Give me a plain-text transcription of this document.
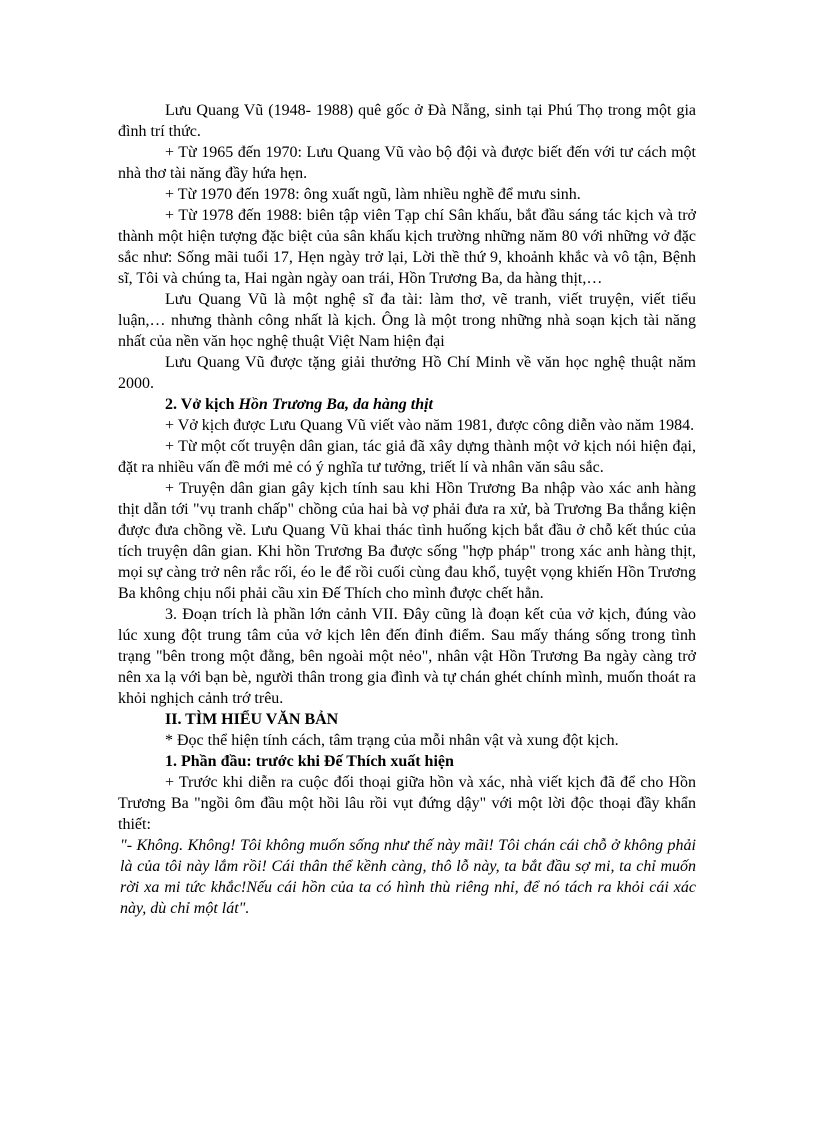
Lưu Quang Vũ (1948- 1988) quê gốc ở Đà Nẵng, sinh tại Phú Thọ trong một gia đình trí thức.

+ Từ 1965 đến 1970: Lưu Quang Vũ vào bộ đội và được biết đến với tư cách một nhà thơ tài năng đầy hứa hẹn.

+ Từ 1970 đến 1978: ông xuất ngũ, làm nhiều nghề để mưu sinh.

+ Từ 1978 đến 1988: biên tập viên Tạp chí Sân khấu, bắt đầu sáng tác kịch và trở thành một hiện tượng đặc biệt của sân khấu kịch trường những năm 80 với những vở đặc sắc như: Sống mãi tuổi 17, Hẹn ngày trở lại, Lời thề thứ 9, khoảnh khắc và vô tận, Bệnh sĩ, Tôi và chúng ta, Hai ngàn ngày oan trái, Hồn Trương Ba, da hàng thịt,…

Lưu Quang Vũ là một nghệ sĩ đa tài: làm thơ, vẽ tranh, viết truyện, viết tiểu luận,… nhưng thành công nhất là kịch. Ông là một trong những nhà soạn kịch tài năng nhất của nền văn học nghệ thuật Việt Nam hiện đại

Lưu Quang Vũ được tặng giải thưởng Hồ Chí Minh về văn học nghệ thuật năm 2000.

2. Vở kịch Hồn Trương Ba, da hàng thịt

+ Vở kịch được Lưu Quang Vũ viết vào năm 1981, được công diễn vào năm 1984.

+ Từ một cốt truyện dân gian, tác giả đã xây dựng thành một vở kịch nói hiện đại, đặt ra nhiều vấn đề mới mẻ có ý nghĩa tư tưởng, triết lí và nhân văn sâu sắc.

+ Truyện dân gian gây kịch tính sau khi Hồn Trương Ba nhập vào xác anh hàng thịt dẫn tới "vụ tranh chấp" chồng của hai bà vợ phải đưa ra xử, bà Trương Ba thắng kiện được đưa chồng về. Lưu Quang Vũ khai thác tình huống kịch bắt đầu ở chỗ kết thúc của tích truyện dân gian. Khi hồn Trương Ba được sống "hợp pháp" trong xác anh hàng thịt, mọi sự càng trở nên rắc rối, éo le để rồi cuối cùng đau khổ, tuyệt vọng khiến Hồn Trương Ba không chịu nổi phải cầu xin Đế Thích cho mình được chết hẳn.

3. Đoạn trích là phần lớn cảnh VII. Đây cũng là đoạn kết của vở kịch, đúng vào lúc xung đột trung tâm của vở kịch lên đến đỉnh điểm. Sau mấy tháng sống trong tình trạng "bên trong một đằng, bên ngoài một nẻo", nhân vật Hồn Trương Ba ngày càng trở nên xa lạ với bạn bè, người thân trong gia đình và tự chán ghét chính mình, muốn thoát ra khỏi nghịch cảnh trớ trêu.

II. TÌM HIỂU VĂN BẢN

* Đọc thể hiện tính cách, tâm trạng của mỗi nhân vật và xung đột kịch.

1. Phần đầu: trước khi Đế Thích xuất hiện

+ Trước khi diễn ra cuộc đối thoại giữa hồn và xác, nhà viết kịch đã để cho Hồn Trương Ba "ngồi ôm đầu một hồi lâu rồi vụt đứng dậy" với một lời độc thoại đầy khẩn thiết:

"- Không. Không! Tôi không muốn sống như thế này mãi! Tôi chán cái chỗ ở không phải là của tôi này lắm rồi! Cái thân thể kềnh càng, thô lỗ này, ta bắt đầu sợ mi, ta chỉ muốn rời xa mi tức khắc!Nếu cái hồn của ta có hình thù riêng nhỉ, để nó tách ra khỏi cái xác này, dù chỉ một lát".
